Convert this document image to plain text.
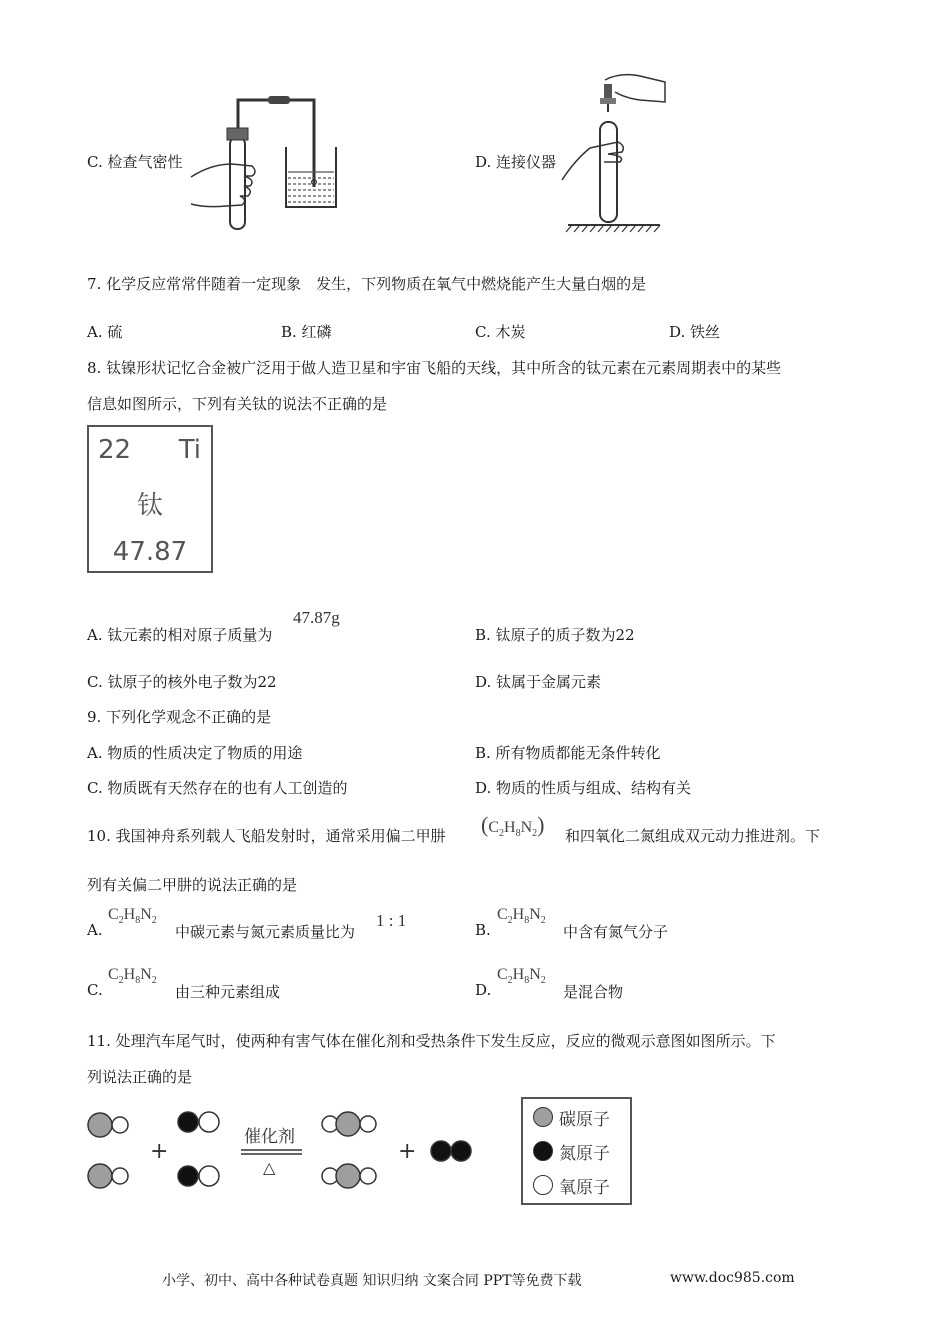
C. 检查气密性	D. 连接仪器
7. 化学反应常常伴随着一定现象　发生，下列物质在氧气中燃烧能产生大量白烟的是
A. 硫	B. 红磷	C. 木炭	D. 铁丝
8. 钛镍形状记忆合金被广泛用于做人造卫星和宇宙飞船的天线，其中所含的钛元素在元素周期表中的某些
信息如图所示，下列有关钛的说法不正确的是
22 Ti
钛
47.87
A. 钛元素的相对原子质量为
47.87g
B. 钛原子的质子数为22
C. 钛原子的核外电子数为22	D. 钛属于金属元素
9. 下列化学观念不正确的是
A. 物质的性质决定了物质的用途	B. 所有物质都能无条件转化
C. 物质既有天然存在的也有人工创造的	D. 物质的性质与组成、结构有关
10. 我国神舟系列载人飞船发射时，通常采用偏二甲肼 $(C_2H_8N_2)$ 和四氧化二氮组成双元动力推进剂。下
列有关偏二甲肼的说法正确的是
A.
$C_2H_8N_2$
中碳元素与氮元素质量比为
1 : 1	B.
$C_2H_8N_2$
中含有氮气分子
C.
$C_2H_8N_2$
由三种元素组成	D.
$C_2H_8N_2$
是混合物
11. 处理汽车尾气时，使两种有害气体在催化剂和受热条件下发生反应，反应的微观示意图如图所示。下
列说法正确的是
+
催化剂
△
+
碳原子
氮原子
氧原子
小学、初中、高中各种试卷真题 知识归纳 文案合同 PPT等免费下载	www.doc985.com
